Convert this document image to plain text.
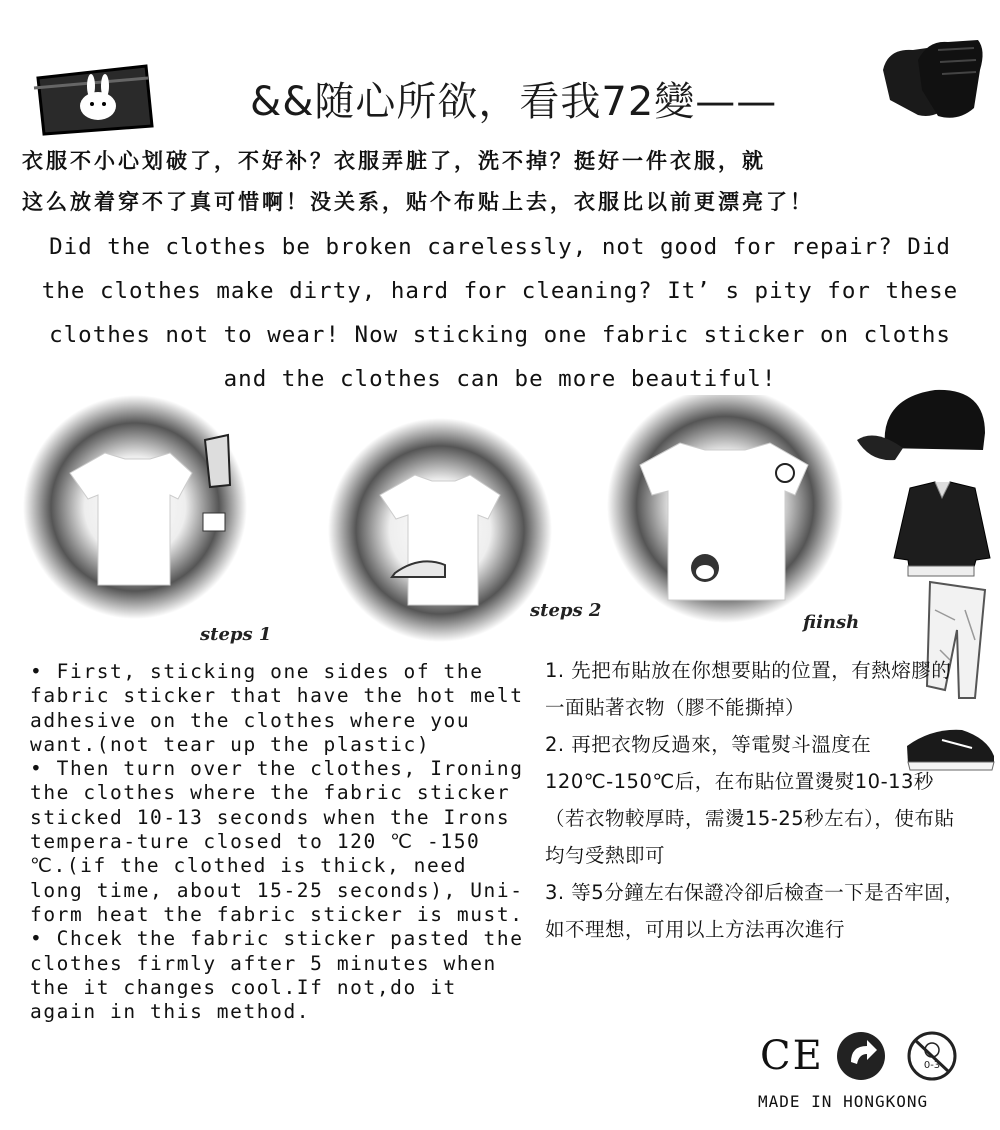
&&随心所欲，看我72變——
衣服不小心划破了，不好补？衣服弄脏了，洗不掉？挺好一件衣服，就
这么放着穿不了真可惜啊！没关系，贴个布贴上去，衣服比以前更漂亮了！
Did the clothes be broken carelessly, not good for repair? Did
the clothes make dirty, hard for cleaning? It’ s pity for these
clothes not to wear! Now sticking one fabric sticker on cloths
and the clothes can be more beautiful!
steps 1
steps 2
fiinsh

• First, sticking one sides of the fabric sticker that have the hot melt adhesive on the clothes where you want.(not tear up the plastic)

• Then turn over the clothes, Ironing the clothes where the fabric sticker sticked 10-13 seconds when the Irons tempera-ture closed to 120 ℃ -150 ℃.(if the clothed is thick, need long time, about 15-25 seconds), Uni-form heat the fabric sticker is must.

• Chcek the fabric sticker pasted the clothes firmly after 5 minutes when the it changes cool.If not,do it again in this method.

1. 先把布貼放在你想要貼的位置，有熱熔膠的一面貼著衣物（膠不能撕掉）

2. 再把衣物反過來，等電熨斗溫度在120℃-150℃后，在布貼位置燙熨10-13秒（若衣物較厚時，需燙15-25秒左右），使布貼均勻受熱即可

3. 等5分鐘左右保證冷卻后檢查一下是否牢固，如不理想，可用以上方法再次進行

CE	0-3
MADE IN HONGKONG
